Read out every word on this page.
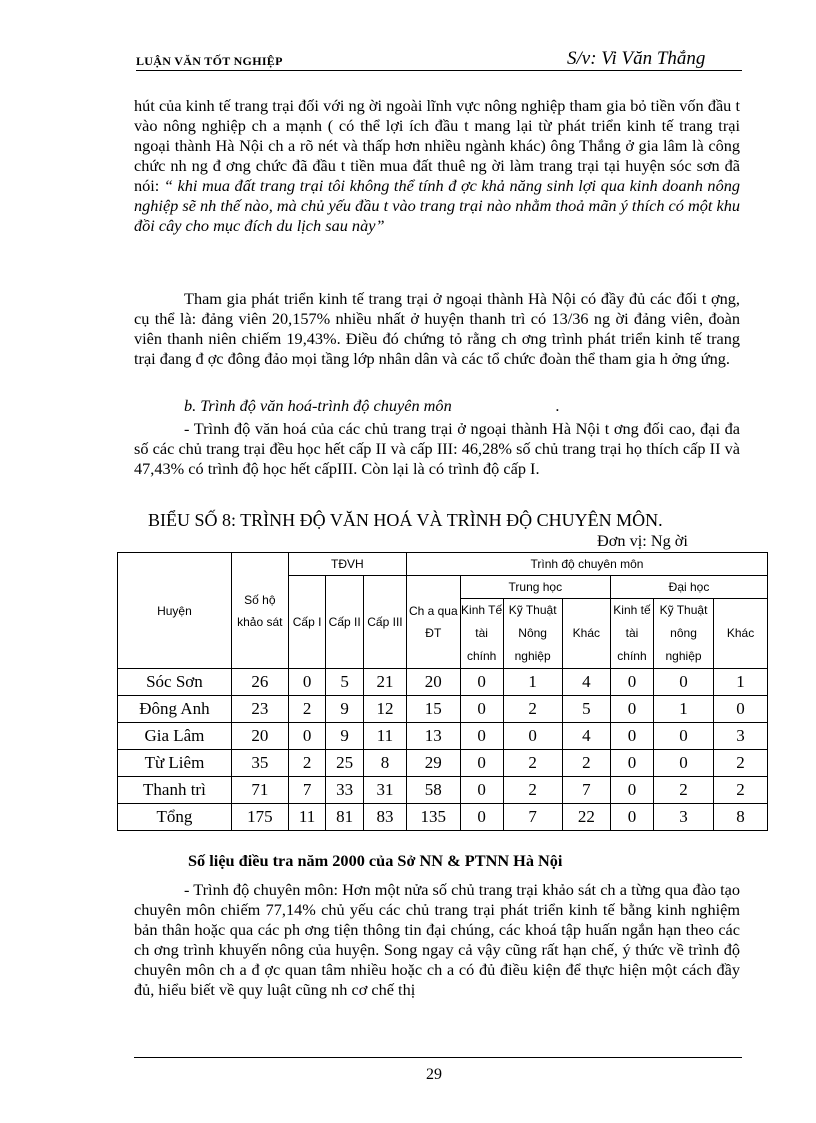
LUẬN VĂN TỐT NGHIỆP	S/v: Vi Văn Thắng

hút của kinh tế trang trại đối với ng ời ngoài lĩnh vực nông nghiệp tham gia bỏ tiền vốn đầu t vào nông nghiệp ch a mạnh ( có thể lợi ích đầu t mang lại từ phát triển kinh tế trang trại ngoại thành Hà Nội ch a rõ nét và thấp hơn nhiều ngành khác) ông Thắng ở gia lâm là công chức nh ng đ ơng chức đã đầu t tiền mua đất thuê ng ời làm trang trại tại huyện sóc sơn đã nói: “ khi mua đất trang trại tôi không thể tính đ ợc khả năng sinh lợi qua kinh doanh nông nghiệp sẽ nh thế nào, mà chủ yếu đầu t vào trang trại nào nhằm thoả mãn ý thích có một khu đồi cây cho mục đích du lịch sau này”

Tham gia phát triển kinh tế trang trại ở ngoại thành Hà Nội có đầy đủ các đối t ợng, cụ thể là: đảng viên 20,157% nhiều nhất ở huyện thanh trì có 13/36 ng ời đảng viên, đoàn viên thanh niên chiếm 19,43%. Điều đó chứng tỏ rằng ch ơng trình phát triển kinh tế trang trại đang đ ợc đông đảo mọi tầng lớp nhân dân và các tổ chức đoàn thể tham gia h ởng ứng.

b. Trình độ văn hoá-trình độ chuyên môn	.

- Trình độ văn hoá của các chủ trang trại ở ngoại thành Hà Nội t ơng đối cao, đại đa số các chủ trang trại đều học hết cấp II và cấp III: 46,28% số chủ trang trại họ thích cấp II và 47,43% có trình độ học hết cấpIII. Còn lại là có trình độ cấp I.

BIỂU SỐ 8: TRÌNH ĐỘ VĂN HOÁ VÀ TRÌNH ĐỘ CHUYÊN MÔN.
Đơn vị: Ng ời
Huyện	Số hộ khảo sát	TĐVH			Trình độ chuyên môn						
		Cấp I	Cấp II	Cấp III	Ch a qua ĐT	Trung học			Đại học		
						Kinh Tế tài chính	Kỹ Thuật Nông nghiệp	Khác	Kinh tế tài chính	Kỹ Thuật nông nghiệp	Khác
Sóc Sơn	26	0	5	21	20	0	1	4	0	0	1
Đông Anh	23	2	9	12	15	0	2	5	0	1	0
Gia Lâm	20	0	9	11	13	0	0	4	0	0	3
Từ Liêm	35	2	25	8	29	0	2	2	0	0	2
Thanh trì	71	7	33	31	58	0	2	7	0	2	2
Tổng	175	11	81	83	135	0	7	22	0	3	8
Số liệu điều tra năm 2000 của Sở NN & PTNN Hà Nội

- Trình độ chuyên môn: Hơn một nửa số chủ trang trại khảo sát ch a từng qua đào tạo chuyên môn chiếm 77,14% chủ yếu các chủ trang trại phát triển kinh tế bằng kinh nghiệm bản thân hoặc qua các ph ơng tiện thông tin đại chúng, các khoá tập huấn ngắn hạn theo các ch ơng trình khuyến nông của huyện. Song ngay cả vậy cũng rất hạn chế, ý thức về trình độ chuyên môn ch a đ ợc quan tâm nhiều hoặc ch a có đủ điều kiện để thực hiện một cách đầy đủ, hiểu biết về quy luật cũng nh cơ chế thị

29
